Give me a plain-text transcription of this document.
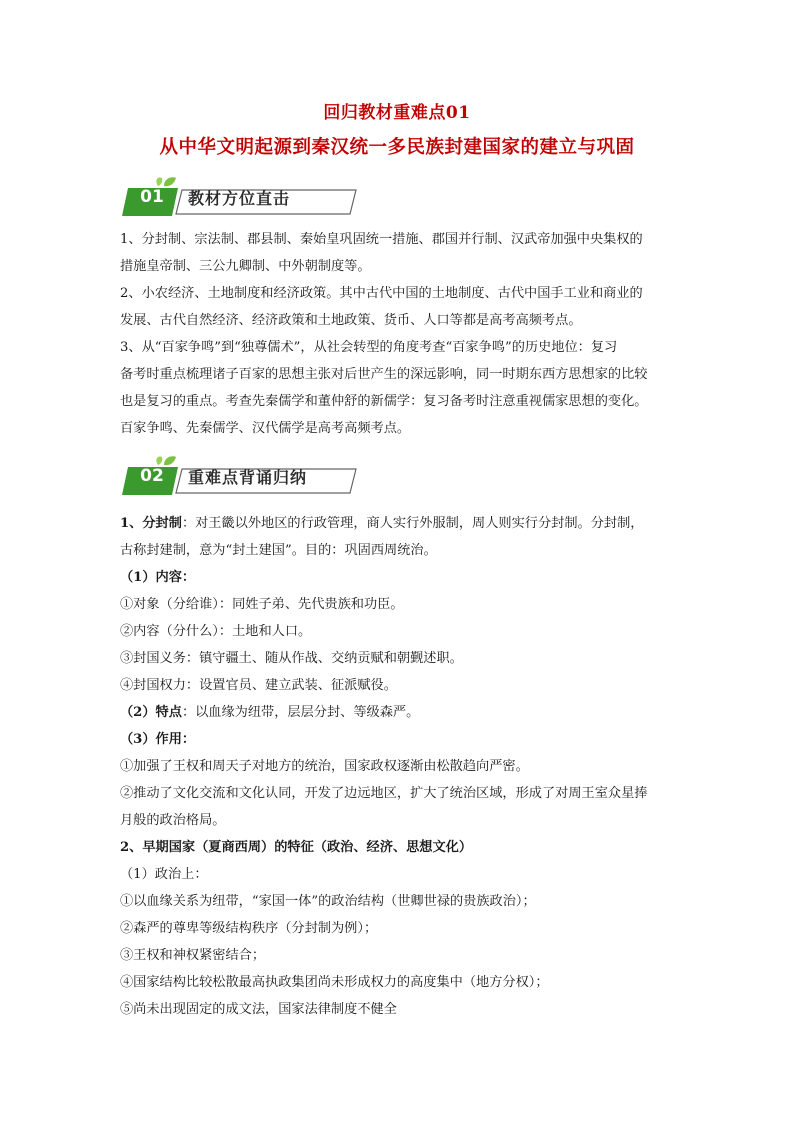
回归教材重难点01
从中华文明起源到秦汉统一多民族封建国家的建立与巩固
01	教材方位直击

1、分封制、宗法制、郡县制、秦始皇巩固统一措施、郡国并行制、汉武帝加强中央集权的

措施皇帝制、三公九卿制、中外朝制度等。

2、小农经济、土地制度和经济政策。其中古代中国的土地制度、古代中国手工业和商业的

发展、古代自然经济、经济政策和土地政策、货币、人口等都是高考高频考点。

3、从“百家争鸣”到“独尊儒术”，从社会转型的角度考查“百家争鸣”的历史地位：复习

备考时重点梳理诸子百家的思想主张对后世产生的深远影响，同一时期东西方思想家的比较

也是复习的重点。考查先秦儒学和董仲舒的新儒学：复习备考时注意重视儒家思想的变化。

百家争鸣、先秦儒学、汉代儒学是高考高频考点。

02	重难点背诵归纳

1、分封制：对王畿以外地区的行政管理，商人实行外服制，周人则实行分封制。分封制，

古称封建制，意为“封土建国”。目的：巩固西周统治。

（1）内容：

①对象（分给谁）：同姓子弟、先代贵族和功臣。

②内容（分什么）：土地和人口。

③封国义务：镇守疆土、随从作战、交纳贡赋和朝觐述职。

④封国权力：设置官员、建立武装、征派赋役。

（2）特点：以血缘为纽带，层层分封、等级森严。

（3）作用：

①加强了王权和周天子对地方的统治，国家政权逐渐由松散趋向严密。

②推动了文化交流和文化认同，开发了边远地区，扩大了统治区域，形成了对周王室众星捧

月般的政治格局。

2、早期国家（夏商西周）的特征（政治、经济、思想文化）

（1）政治上：

①以血缘关系为纽带，“家国一体”的政治结构（世卿世禄的贵族政治）；

②森严的尊卑等级结构秩序（分封制为例）；

③王权和神权紧密结合；

④国家结构比较松散最高执政集团尚未形成权力的高度集中（地方分权）；

⑤尚未出现固定的成文法，国家法律制度不健全
